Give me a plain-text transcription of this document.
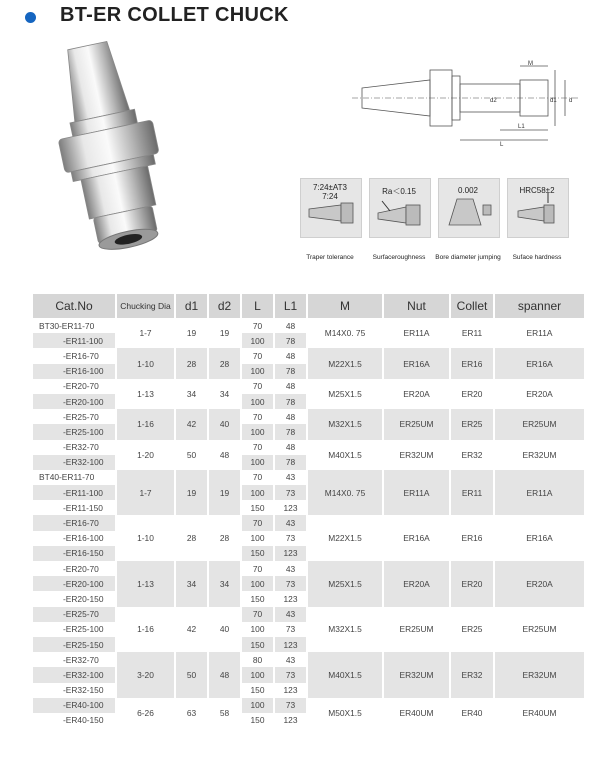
BT-ER COLLET CHUCK
M
d2	d1
L1
L
d
7:24±AT3
7:24
Ra＜0.15	0.002	HRC58±2
Traper tolerance	Surfaceroughness	Bore diameter jumping	Suface hardness
Cat.No	Chucking Dia	d1	d2	L	L1	M	Nut	Collet	spanner
BT30-ER11-70	1-7	19	19	70	48	M14X0. 75	ER11A	ER11	ER11A
-ER11-100				100	78				
-ER16-70	1-10	28	28	70	48	M22X1.5	ER16A	ER16	ER16A
-ER16-100				100	78				
-ER20-70	1-13	34	34	70	48	M25X1.5	ER20A	ER20	ER20A
-ER20-100				100	78				
-ER25-70	1-16	42	40	70	48	M32X1.5	ER25UM	ER25	ER25UM
-ER25-100				100	78				
-ER32-70	1-20	50	48	70	48	M40X1.5	ER32UM	ER32	ER32UM
-ER32-100				100	78				
BT40-ER11-70	1-7	19	19	70	43	M14X0. 75	ER11A	ER11	ER11A
-ER11-100				100	73				
-ER11-150				150	123				
-ER16-70	1-10	28	28	70	43	M22X1.5	ER16A	ER16	ER16A
-ER16-100				100	73				
-ER16-150				150	123				
-ER20-70	1-13	34	34	70	43	M25X1.5	ER20A	ER20	ER20A
-ER20-100				100	73				
-ER20-150				150	123				
-ER25-70	1-16	42	40	70	43	M32X1.5	ER25UM	ER25	ER25UM
-ER25-100				100	73				
-ER25-150				150	123				
-ER32-70	3-20	50	48	80	43	M40X1.5	ER32UM	ER32	ER32UM
-ER32-100				100	73				
-ER32-150				150	123				
-ER40-100	6-26	63	58	100	73	M50X1.5	ER40UM	ER40	ER40UM
-ER40-150				150	123				
